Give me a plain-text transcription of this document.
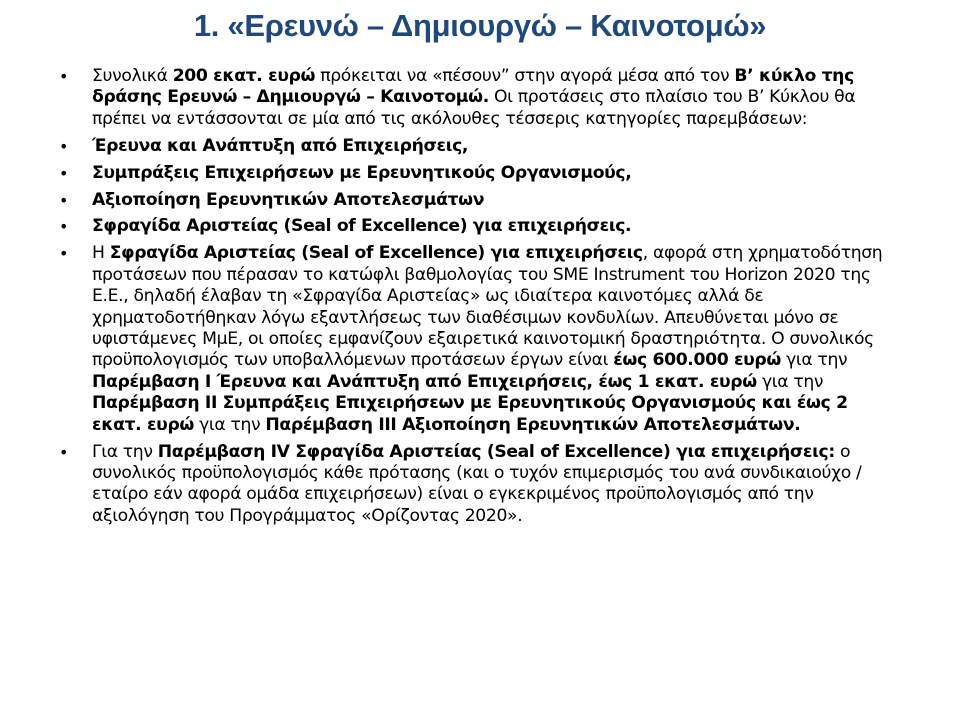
1. «Ερευνώ – Δημιουργώ – Καινοτομώ»
• Συνολικά 200 εκατ. ευρώ πρόκειται να «πέσουν” στην αγορά μέσα από τον Β’ κύκλο της δράσης Ερευνώ – Δημιουργώ – Καινοτομώ. Οι προτάσεις στο πλαίσιο του Β’ Κύκλου θα πρέπει να εντάσσονται σε μία από τις ακόλουθες τέσσερις κατηγορίες παρεμβάσεων:
• Έρευνα και Ανάπτυξη από Επιχειρήσεις,
• Συμπράξεις Επιχειρήσεων με Ερευνητικούς Οργανισμούς,
• Αξιοποίηση Ερευνητικών Αποτελεσμάτων
• Σφραγίδα Αριστείας (Seal of Excellence) για επιχειρήσεις.
• Η Σφραγίδα Αριστείας (Seal of Excellence) για επιχειρήσεις, αφορά στη χρηματοδότηση προτάσεων που πέρασαν το κατώφλι βαθμολογίας του SME Instrument του Horizon 2020 της Ε.Ε., δηλαδή έλαβαν τη «Σφραγίδα Αριστείας» ως ιδιαίτερα καινοτόμες αλλά δε χρηματοδοτήθηκαν λόγω εξαντλήσεως των διαθέσιμων κονδυλίων. Απευθύνεται μόνο σε υφιστάμενες ΜμΕ, οι οποίες εμφανίζουν εξαιρετικά καινοτομική δραστηριότητα. Ο συνολικός προϋπολογισμός των υποβαλλόμενων προτάσεων έργων είναι έως 600.000 ευρώ για την Παρέμβαση Ι Έρευνα και Ανάπτυξη από Επιχειρήσεις, έως 1 εκατ. ευρώ για την Παρέμβαση ΙΙ Συμπράξεις Επιχειρήσεων με Ερευνητικούς Οργανισμούς και έως 2 εκατ. ευρώ για την Παρέμβαση ΙΙΙ Αξιοποίηση Ερευνητικών Αποτελεσμάτων.
• Για την Παρέμβαση IV Σφραγίδα Αριστείας (Seal of Excellence) για επιχειρήσεις: ο συνολικός προϋπολογισμός κάθε πρότασης (και ο τυχόν επιμερισμός του ανά συνδικαιούχο /εταίρο εάν αφορά ομάδα επιχειρήσεων) είναι ο εγκεκριμένος προϋπολογισμός από την αξιολόγηση του Προγράμματος «Ορίζοντας 2020».
